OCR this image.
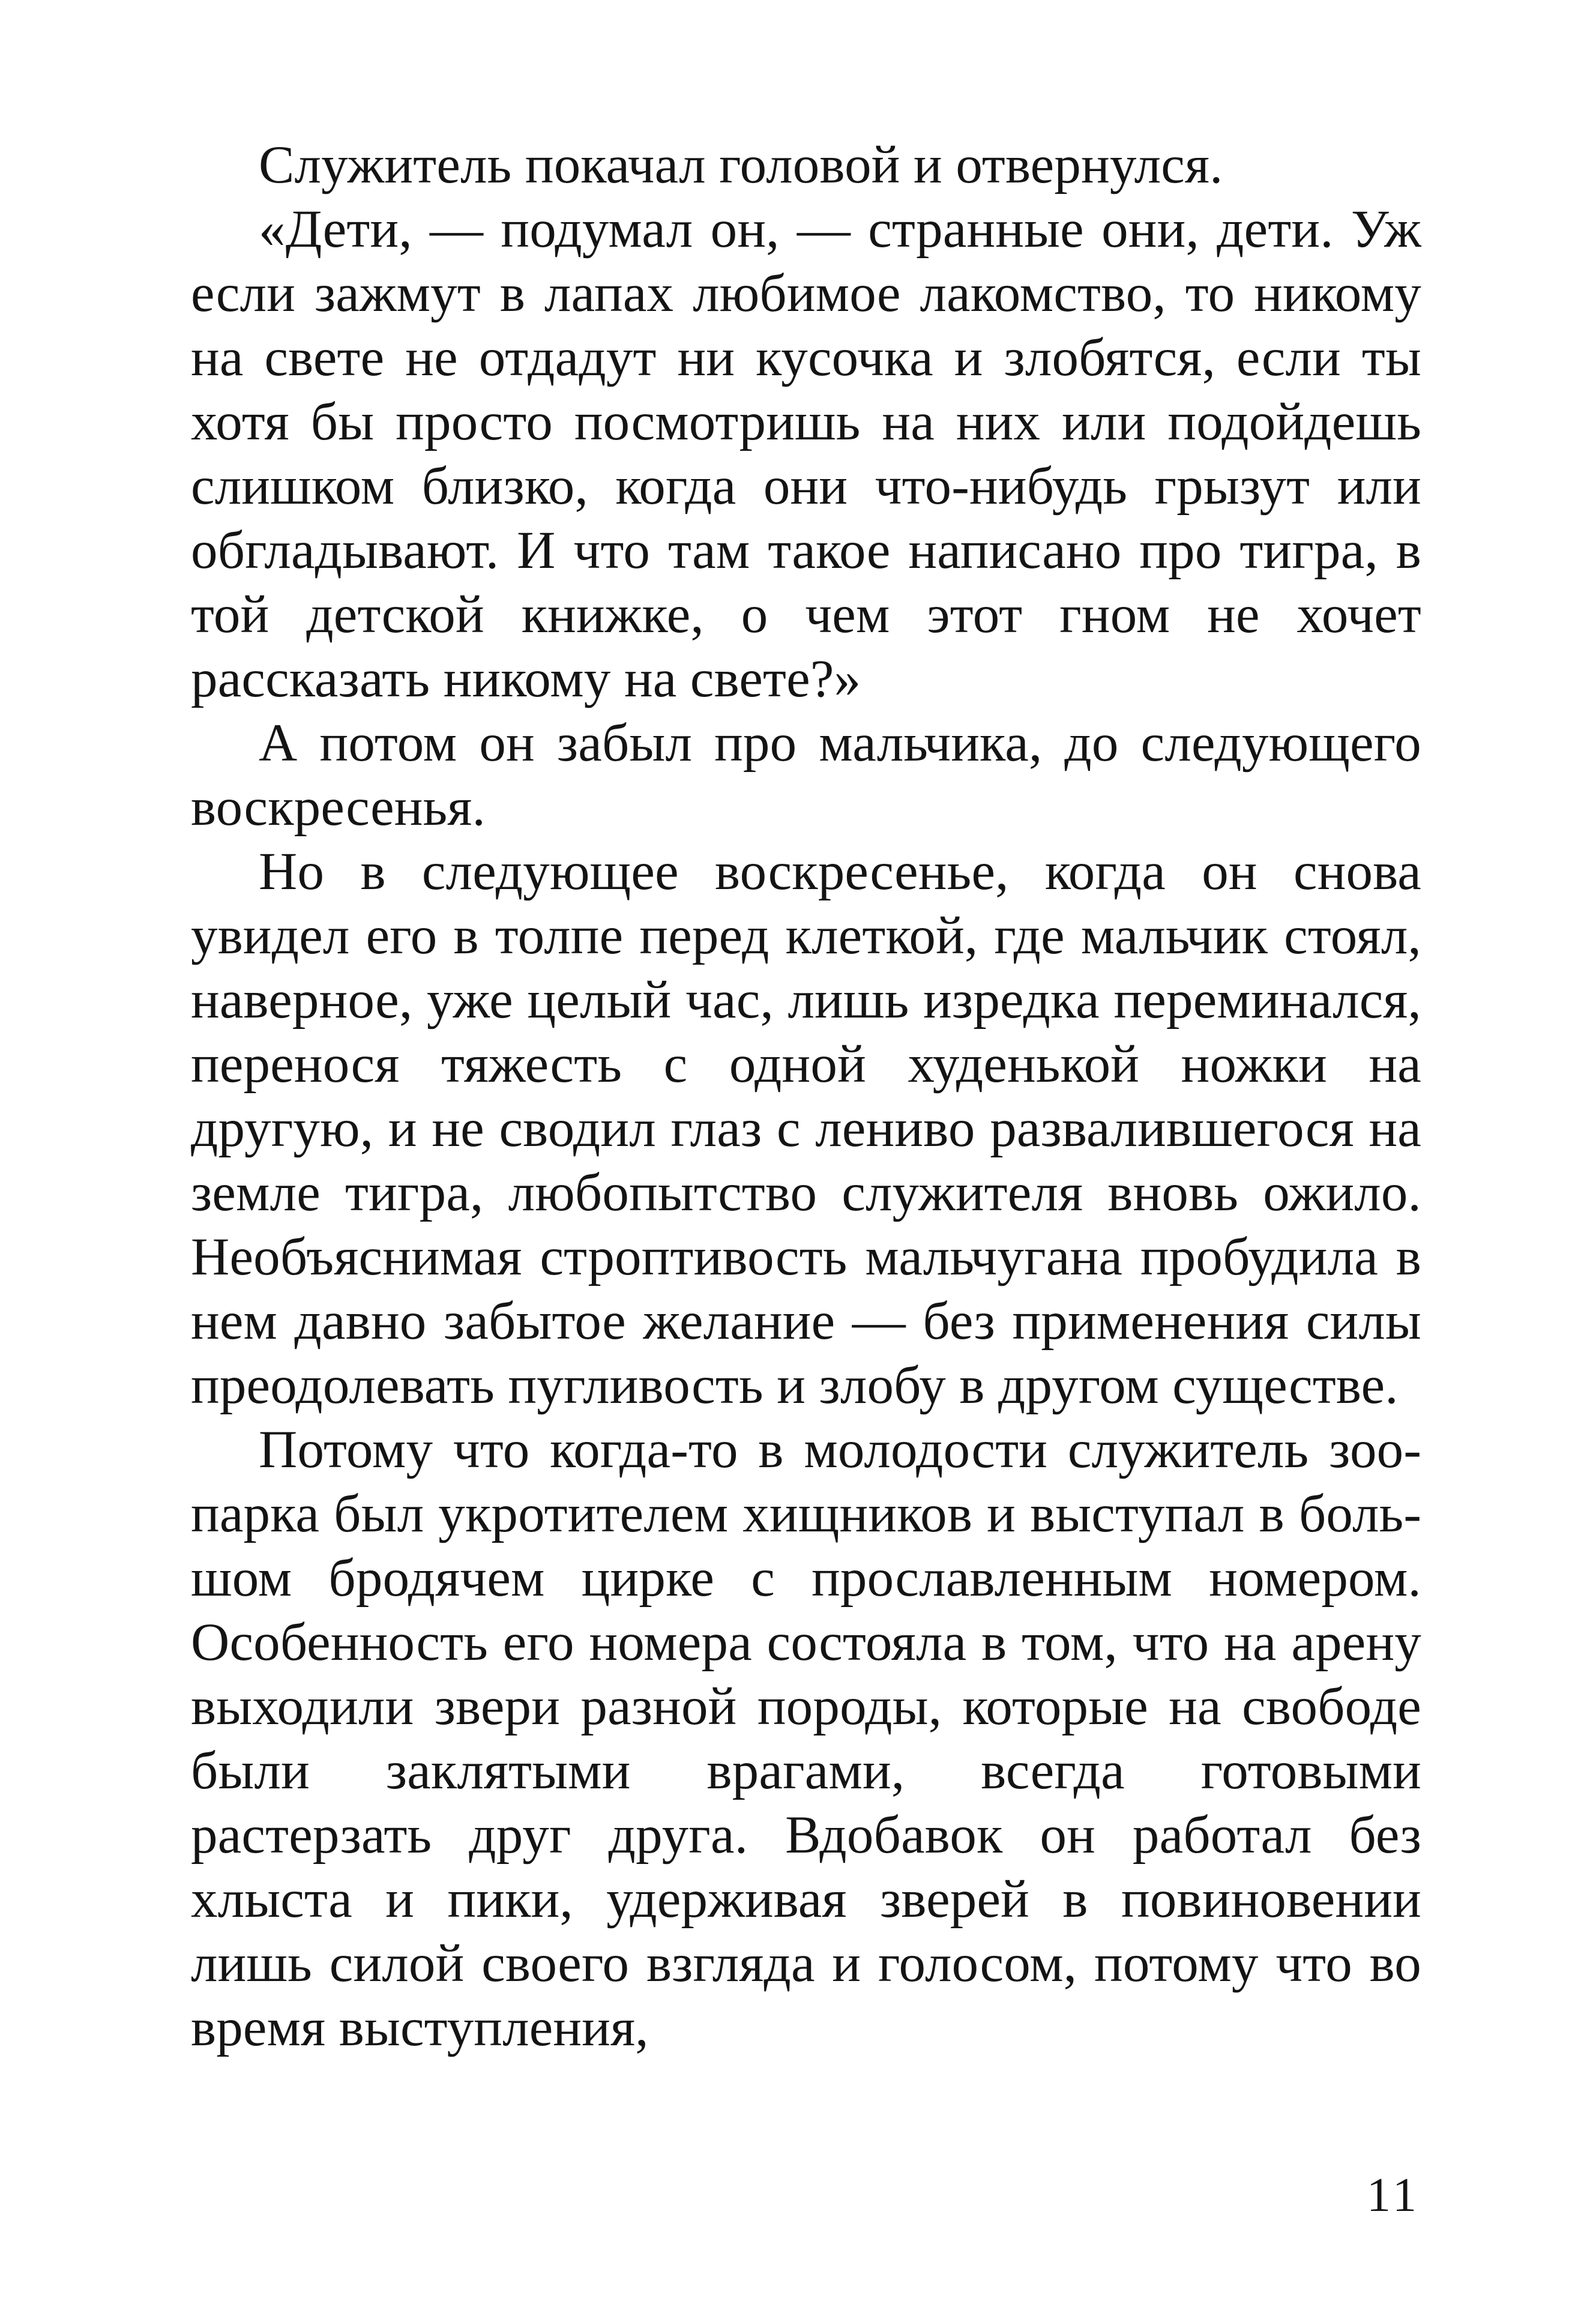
Служитель покачал головой и отвернулся.

«Дети, — подумал он, — странные они, дети. Уж если зажмут в лапах любимое лакомство, то никому на свете не отдадут ни кусочка и злобятся, если ты хотя бы просто посмотришь на них или подойдешь слишком близко, когда они что-нибудь грызут или обгладывают. И что там такое написано про тигра, в той детской книжке, о чем этот гном не хочет рассказать никому на свете?»

А потом он забыл про мальчика, до следующего воскресенья.

Но в следующее воскресенье, когда он снова увидел его в толпе перед клеткой, где мальчик стоял, наверное, уже целый час, лишь изредка переминался, перенося тяжесть с одной худенькой ножки на другую, и не сводил глаз с лениво развалившегося на земле тигра, любопытство служителя вновь ожило. Необъяснимая строптивость мальчугана пробудила в нем давно забытое желание — без применения силы преодолевать пугливость и злобу в другом существе.

Потому что когда-то в молодости служитель зоопарка был укротителем хищников и выступал в большом бродячем цирке с прославленным номером. Особенность его номера состояла в том, что на арену выходили звери разной породы, которые на свободе были заклятыми врагами, всегда готовыми растерзать друг друга. Вдобавок он работал без хлыста и пики, удерживая зверей в повиновении лишь силой своего взгляда и голосом, потому что во время выступления,

11
